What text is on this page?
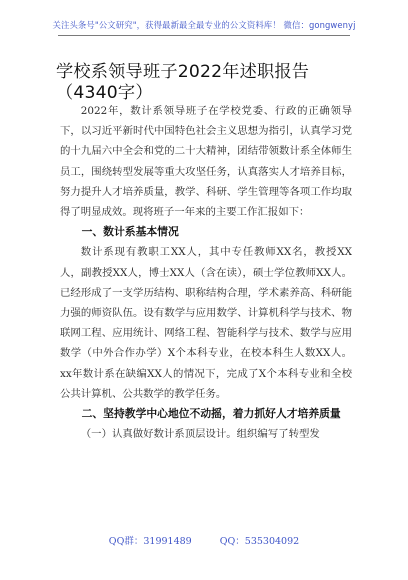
关注头条号"公文研究"，获得最新最全最专业的公文资料库！ 微信：gongwenyj
学校系领导班子2022年述职报告（4340字）

2022年，数计系领导班子在学校党委、行政的正确领导下，以习近平新时代中国特色社会主义思想为指引，认真学习党的十九届六中全会和党的二十大精神，团结带领数计系全体师生员工，围绕转型发展等重大攻坚任务，认真落实人才培养目标，努力提升人才培养质量，教学、科研、学生管理等各项工作均取得了明显成效。现将班子一年来的主要工作汇报如下：

一、数计系基本情况

数计系现有教职工XX人，其中专任教师XX名，教授XX人，副教授XX人，博士XX人（含在读），硕士学位教师XX人。已经形成了一支学历结构、职称结构合理，学术素养高、科研能力强的师资队伍。设有数学与应用数学、计算机科学与技术、物联网工程、应用统计、网络工程、智能科学与技术、数学与应用数学（中外合作办学）X个本科专业，在校本科生人数XX人。xx年数计系在缺编XX人的情况下，完成了X个本科专业和全校公共计算机、公共数学的教学任务。

二、坚持教学中心地位不动摇，着力抓好人才培养质量

（一）认真做好数计系顶层设计。组织编写了转型发

QQ群：31991489	QQ：535304092
